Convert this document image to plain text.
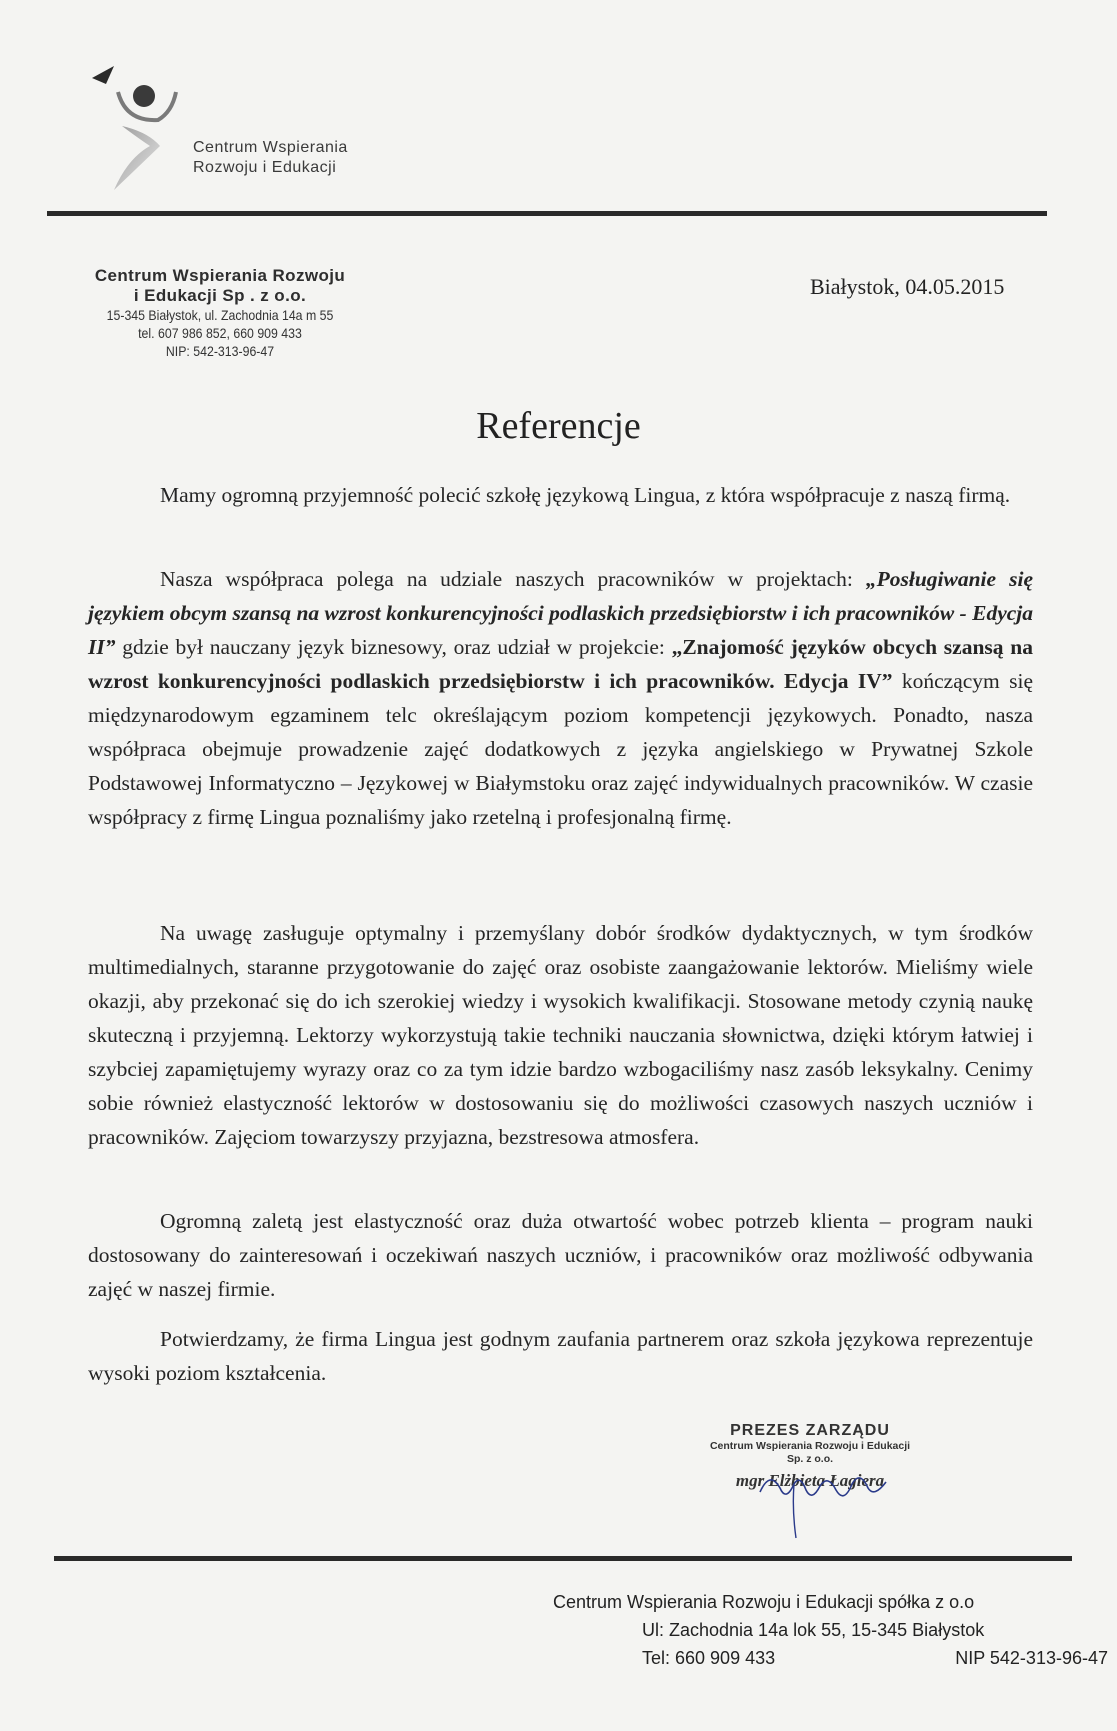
Centrum Wspierania
Rozwoju i Edukacji
Centrum Wspierania Rozwoju
i Edukacji Sp . z o.o.
15-345 Białystok, ul. Zachodnia 14a m 55
tel. 607 986 852, 660 909 433
NIP: 542-313-96-47
Białystok, 04.05.2015
Referencje
Mamy ogromną przyjemność polecić szkołę językową Lingua, z która współpracuje z naszą firmą.
Nasza współpraca polega na udziale naszych pracowników w projektach: „Posługiwanie się językiem obcym szansą na wzrost konkurencyjności podlaskich przedsiębiorstw i ich pracowników - Edycja II” gdzie był nauczany język biznesowy, oraz udział w projekcie: „Znajomość języków obcych szansą na wzrost konkurencyjności podlaskich przedsiębiorstw i ich pracowników. Edycja IV” kończącym się międzynarodowym egzaminem telc określającym poziom kompetencji językowych. Ponadto, nasza współpraca obejmuje prowadzenie zajęć dodatkowych z języka angielskiego w Prywatnej Szkole Podstawowej Informatyczno – Językowej w Białymstoku oraz zajęć indywidualnych pracowników. W czasie współpracy z firmę Lingua poznaliśmy jako rzetelną i profesjonalną firmę.
Na uwagę zasługuje optymalny i przemyślany dobór środków dydaktycznych, w tym środków multimedialnych, staranne przygotowanie do zajęć oraz osobiste zaangażowanie lektorów. Mieliśmy wiele okazji, aby przekonać się do ich szerokiej wiedzy i wysokich kwalifikacji. Stosowane metody czynią naukę skuteczną i przyjemną. Lektorzy wykorzystują takie techniki nauczania słownictwa, dzięki którym łatwiej i szybciej zapamiętujemy wyrazy oraz co za tym idzie bardzo wzbogaciliśmy nasz zasób leksykalny. Cenimy sobie również elastyczność lektorów w dostosowaniu się do możliwości czasowych naszych uczniów i pracowników. Zajęciom towarzyszy przyjazna, bezstresowa atmosfera.
Ogromną zaletą jest elastyczność oraz duża otwartość wobec potrzeb klienta – program nauki dostosowany do zainteresowań i oczekiwań naszych uczniów, i pracowników oraz możliwość odbywania zajęć w naszej firmie.
Potwierdzamy, że firma Lingua jest godnym zaufania partnerem oraz szkoła językowa reprezentuje wysoki poziom kształcenia.
PREZES ZARZĄDU
Centrum Wspierania Rozwoju i Edukacji
Sp. z o.o.
mgr Elżbieta Łagiera
Centrum Wspierania Rozwoju i Edukacji spółka z o.o
Ul: Zachodnia 14a lok 55, 15-345 Białystok
Tel: 660 909 433	NIP 542-313-96-47
